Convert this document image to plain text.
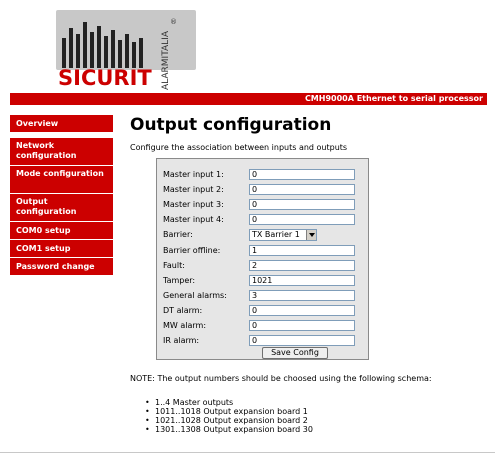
SICURIT ALARMITALIA
®
CMH9000A Ethernet to serial processor
Overview
Network configuration
Mode configuration
Output configuration
COM0 setup
COM1 setup
Password change
Output configuration
Configure the association between inputs and outputs
Master input 1:
0
Master input 2:
0
Master input 3:
0
Master input 4:
0
Barrier:	TX Barrier 1
Barrier offline:
1
Fault:
2
Tamper:
1021
General alarms:
3
DT alarm:
0
MW alarm:
0
IR alarm:
0
Save Config
NOTE: The output numbers should be choosed using the following schema:
• 1..4 Master outputs
• 1011..1018 Output expansion board 1
• 1021..1028 Output expansion board 2
• 1301..1308 Output expansion board 30
